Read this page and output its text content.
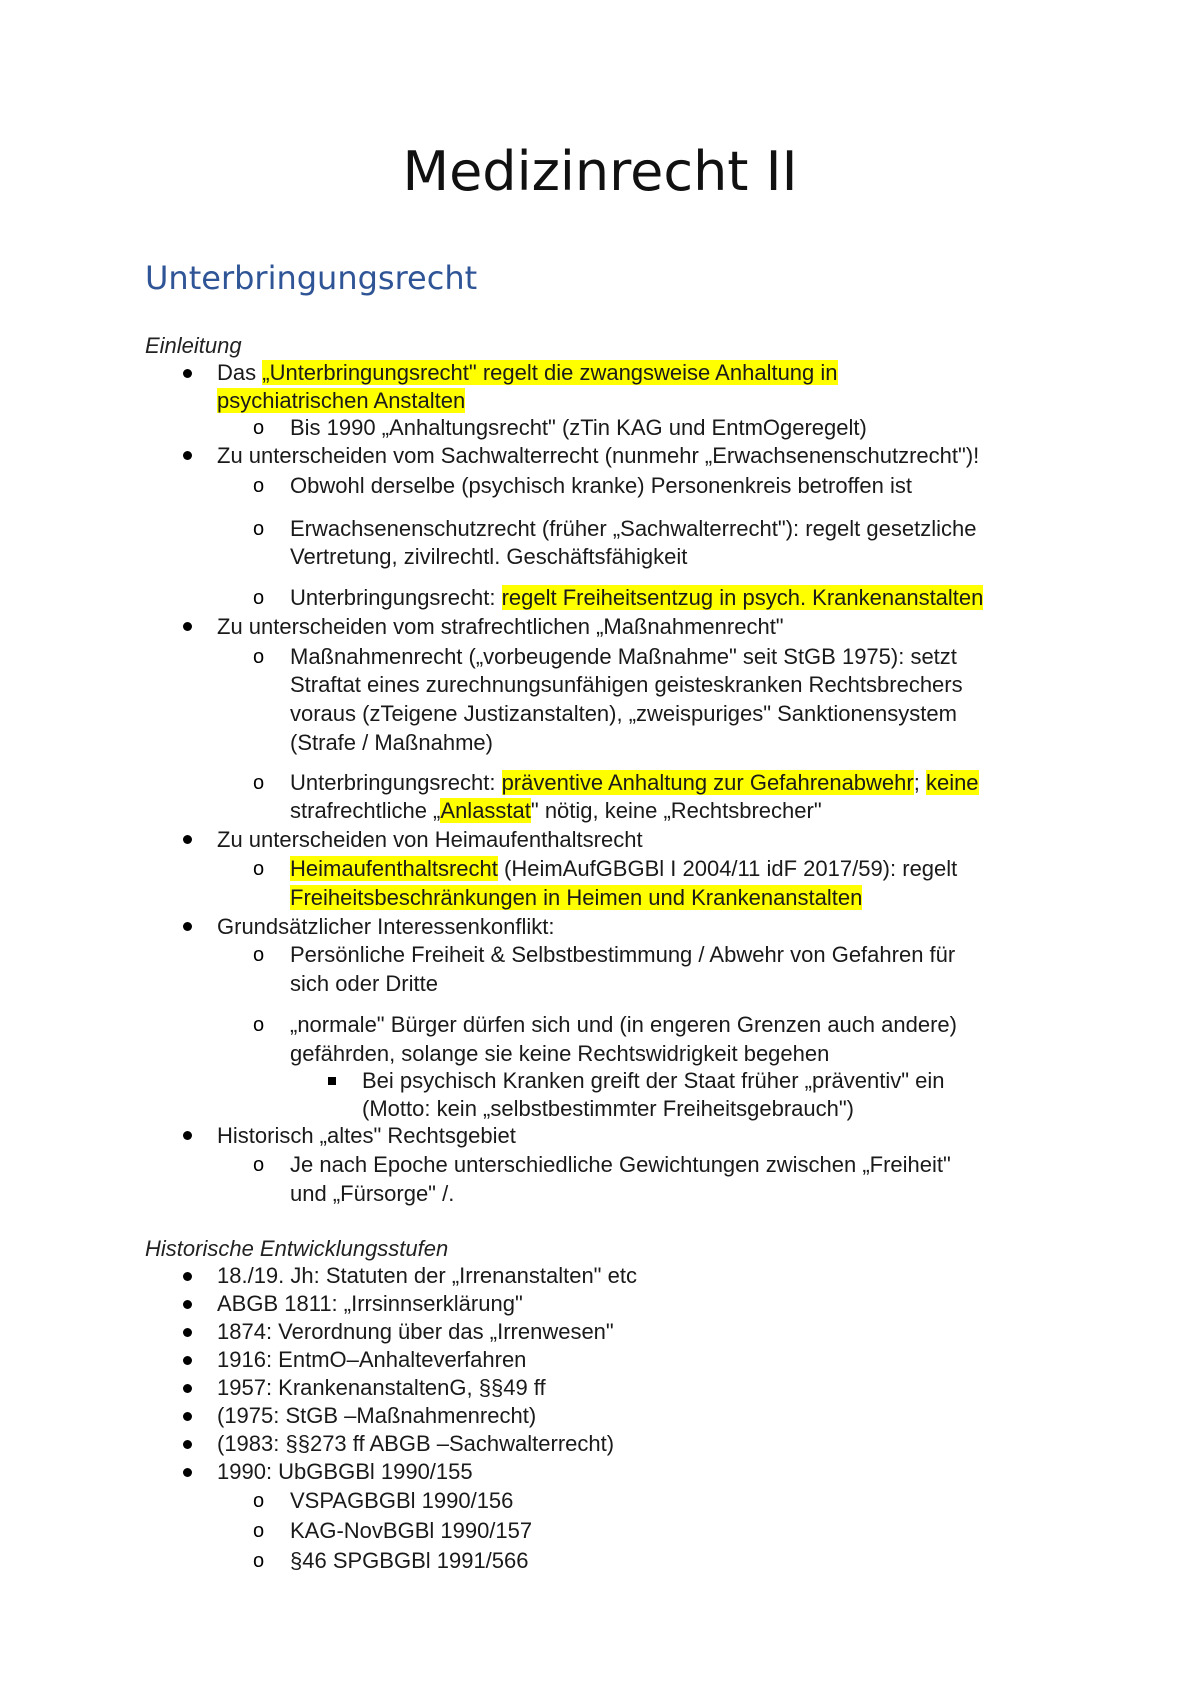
Medizinrecht II
Unterbringungsrecht
Einleitung
Das „Unterbringungsrecht" regelt die zwangsweise Anhaltung in
psychiatrischen Anstalten
o Bis 1990 „Anhaltungsrecht" (zTin KAG und EntmOgeregelt)
Zu unterscheiden vom Sachwalterrecht (nunmehr „Erwachsenenschutzrecht")!
o Obwohl derselbe (psychisch kranke) Personenkreis betroffen ist
o Erwachsenenschutzrecht (früher „Sachwalterrecht"): regelt gesetzliche
Vertretung, zivilrechtl. Geschäftsfähigkeit
o Unterbringungsrecht: regelt Freiheitsentzug in psych. Krankenanstalten
Zu unterscheiden vom strafrechtlichen „Maßnahmenrecht"
o Maßnahmenrecht („vorbeugende Maßnahme" seit StGB 1975): setzt
Straftat eines zurechnungsunfähigen geisteskranken Rechtsbrechers
voraus (zTeigene Justizanstalten), „zweispuriges" Sanktionensystem
(Strafe / Maßnahme)
o Unterbringungsrecht: präventive Anhaltung zur Gefahrenabwehr; keine
strafrechtliche „Anlasstat" nötig, keine „Rechtsbrecher"
Zu unterscheiden von Heimaufenthaltsrecht
o Heimaufenthaltsrecht (HeimAufGBGBl I 2004/11 idF 2017/59): regelt
Freiheitsbeschränkungen in Heimen und Krankenanstalten
Grundsätzlicher Interessenkonflikt:
o Persönliche Freiheit & Selbstbestimmung / Abwehr von Gefahren für
sich oder Dritte
o „normale" Bürger dürfen sich und (in engeren Grenzen auch andere)
gefährden, solange sie keine Rechtswidrigkeit begehen
Bei psychisch Kranken greift der Staat früher „präventiv" ein
(Motto: kein „selbstbestimmter Freiheitsgebrauch")
Historisch „altes" Rechtsgebiet
o Je nach Epoche unterschiedliche Gewichtungen zwischen „Freiheit"
und „Fürsorge" /.
Historische Entwicklungsstufen
18./19. Jh: Statuten der „Irrenanstalten" etc
ABGB 1811: „Irrsinnserklärung"
1874: Verordnung über das „Irrenwesen"
1916: EntmO–Anhalteverfahren
1957: KrankenanstaltenG, §§49 ff
(1975: StGB –Maßnahmenrecht)
(1983: §§273 ff ABGB –Sachwalterrecht)
1990: UbGBGBl 1990/155
o VSPAGBGBl 1990/156
o KAG-NovBGBl 1990/157
o §46 SPGBGBl 1991/566
